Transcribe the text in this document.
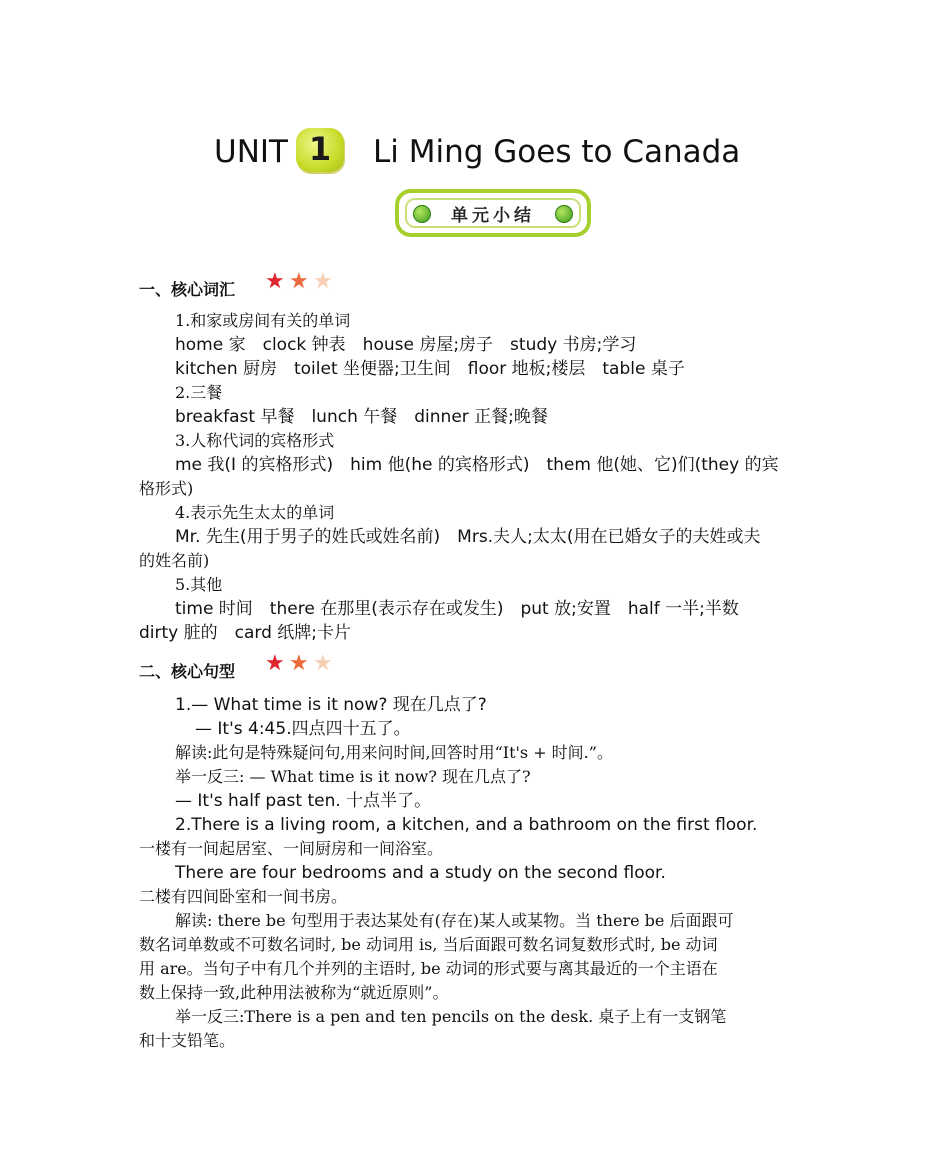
UNIT 1	Li Ming Goes to Canada
单元小结
一、核心词汇 ★ ★ ★
1.和家或房间有关的单词
home 家　clock 钟表　house 房屋;房子　study 书房;学习
kitchen 厨房　toilet 坐便器;卫生间　floor 地板;楼层　table 桌子
2.三餐
breakfast 早餐　lunch 午餐　dinner 正餐;晚餐
3.人称代词的宾格形式
me 我(I 的宾格形式)　him 他(he 的宾格形式)　them 他(她、它)们(they 的宾
格形式)
4.表示先生太太的单词
Mr. 先生(用于男子的姓氏或姓名前)　Mrs.夫人;太太(用在已婚女子的夫姓或夫
的姓名前)
5.其他
time 时间　there 在那里(表示存在或发生)　put 放;安置　half 一半;半数
dirty 脏的　card 纸牌;卡片
二、核心句型 ★ ★ ★
1.— What time is it now? 现在几点了?
— It's 4:45.四点四十五了。
解读:此句是特殊疑问句,用来问时间,回答时用“It's + 时间.”。
举一反三: — What time is it now? 现在几点了?
— It's half past ten. 十点半了。
2.There is a living room, a kitchen, and a bathroom on the first floor.
一楼有一间起居室、一间厨房和一间浴室。
There are four bedrooms and a study on the second floor.
二楼有四间卧室和一间书房。
解读: there be 句型用于表达某处有(存在)某人或某物。当 there be 后面跟可
数名词单数或不可数名词时, be 动词用 is, 当后面跟可数名词复数形式时, be 动词
用 are。当句子中有几个并列的主语时, be 动词的形式要与离其最近的一个主语在
数上保持一致,此种用法被称为“就近原则”。
举一反三:There is a pen and ten pencils on the desk. 桌子上有一支钢笔
和十支铅笔。
